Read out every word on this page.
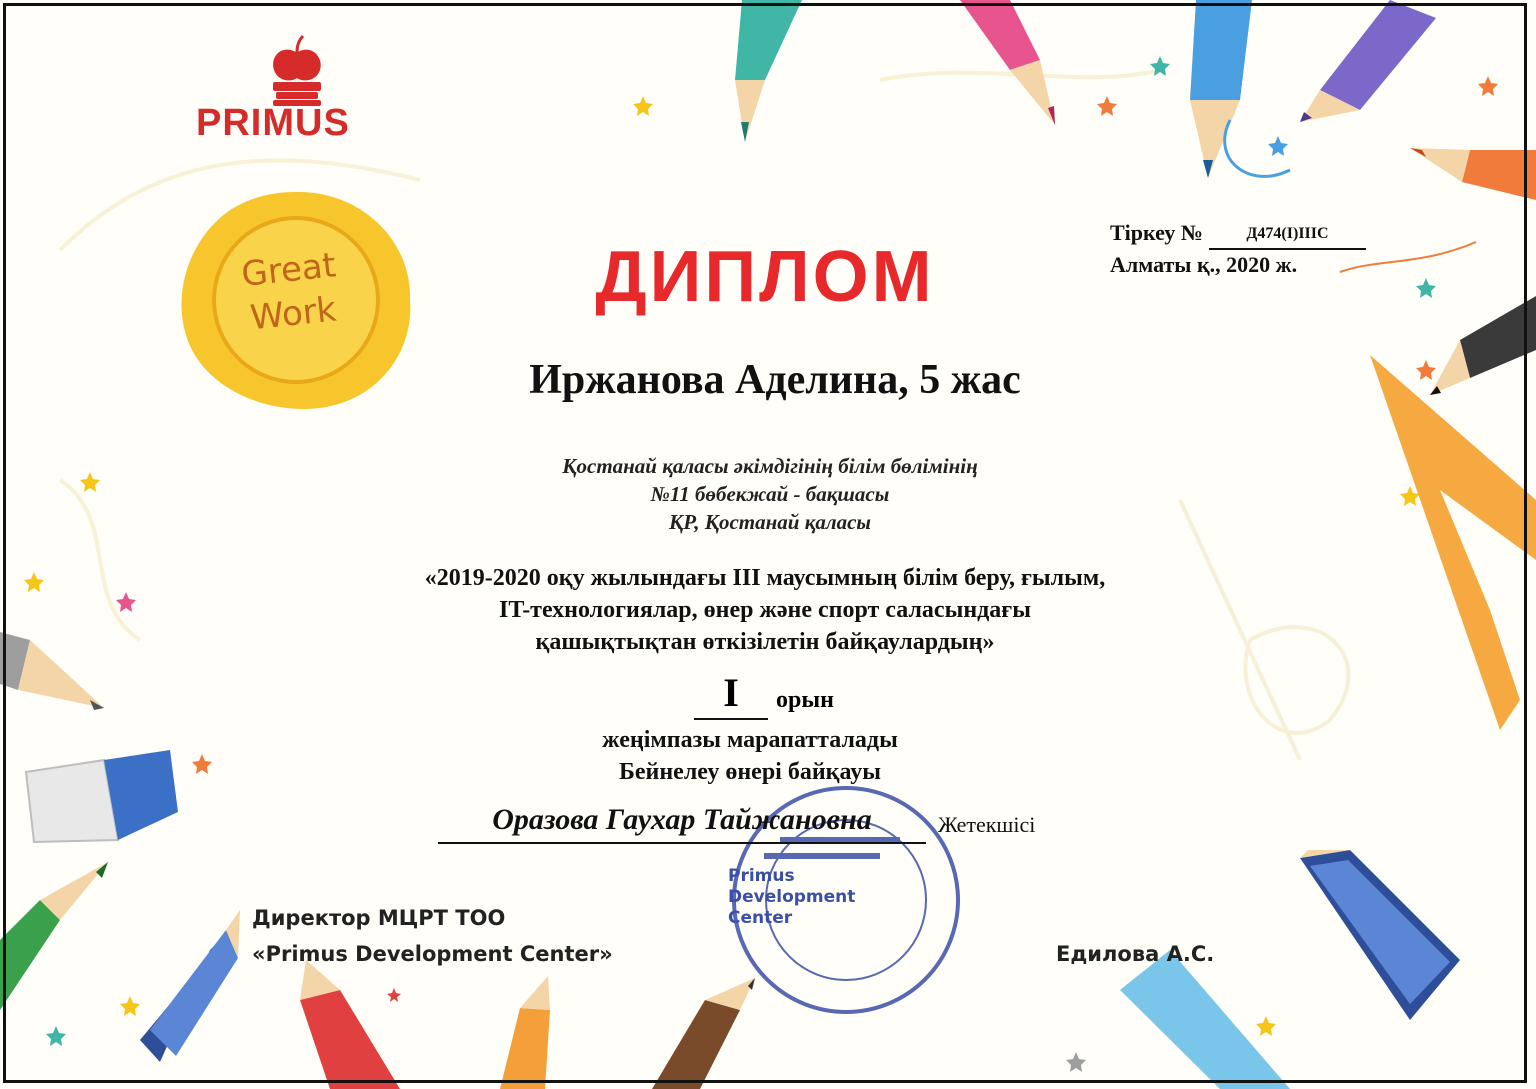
PRIMUS
Great
Work	ДИПЛОМ
Тіркеу №	Д474(I)IIIС
Алматы қ., 2020 ж.
Иржанова Аделина, 5 жас
Қостанай қаласы әкімдігінің білім бөлімінің
№11 бөбекжай - бақшасы
ҚР, Қостанай қаласы
«2019-2020 оқу жылындағы III маусымның білім беру, ғылым,
IT-технологиялар, өнер және спорт саласындағы
қашықтықтан өткізілетін байқаулардың»
I	орын
жеңімпазы марапатталады
Бейнелеу өнері байқауы
Оразова Гаухар Тайжановна	Жетекшісі
Primus
Development
Center
Директор МЦРТ ТОО
«Primus Development Center»	Едилова А.С.
